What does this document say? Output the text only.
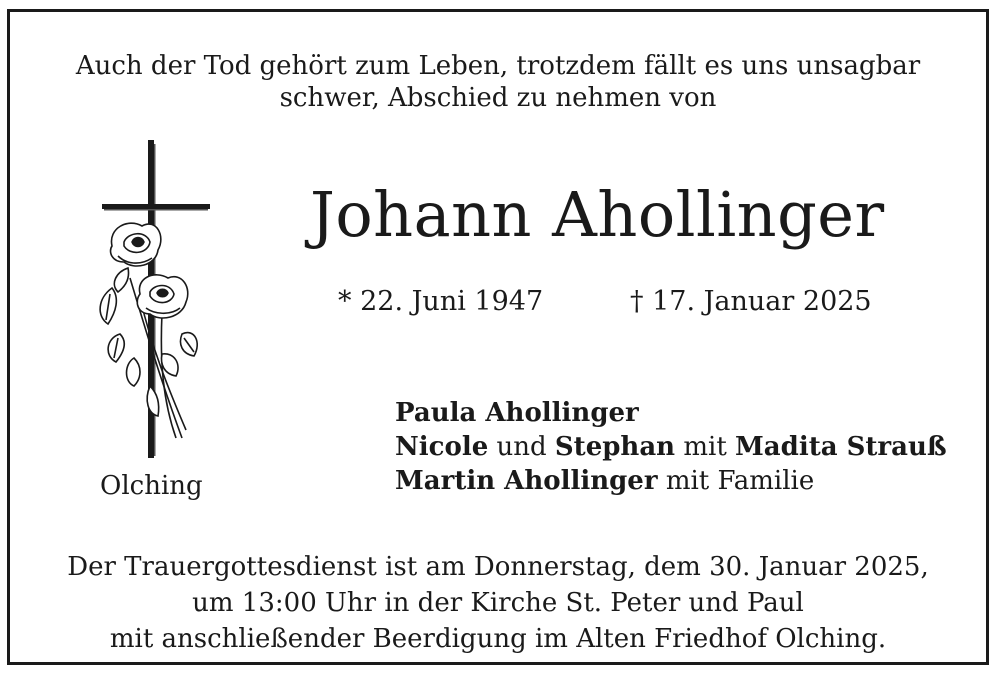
Auch der Tod gehört zum Leben, trotzdem fällt es uns unsagbar
schwer, Abschied zu nehmen von
Johann Ahollinger
* 22. Juni 1947	† 17. Januar 2025
Olching
Paula Ahollinger
Nicole und Stephan mit Madita Strauß
Martin Ahollinger mit Familie
Der Trauergottesdienst ist am Donnerstag, dem 30. Januar 2025,
um 13:00 Uhr in der Kirche St. Peter und Paul
mit anschließender Beerdigung im Alten Friedhof Olching.
